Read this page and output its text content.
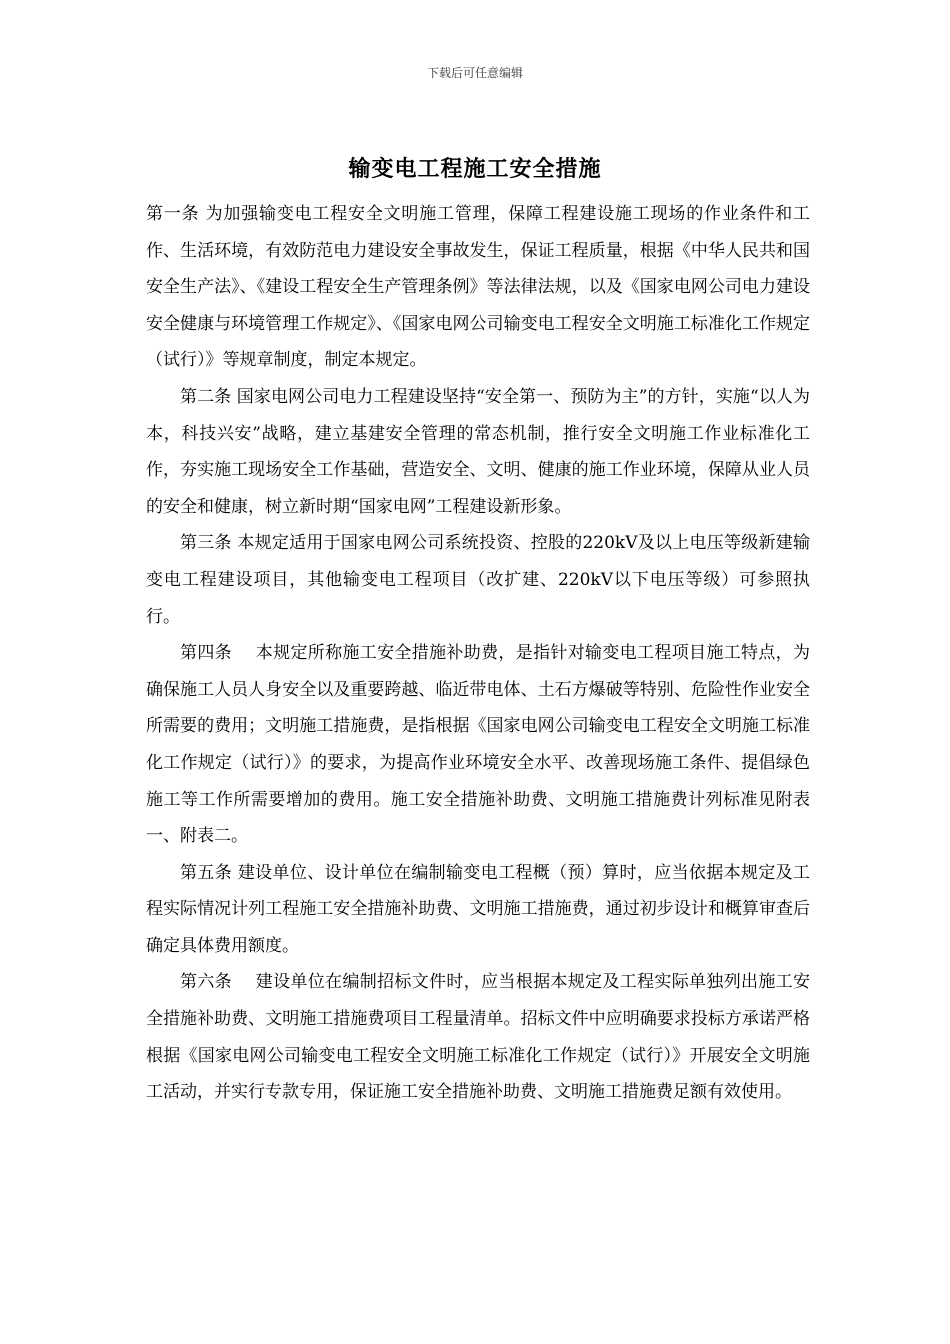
下载后可任意编辑
输变电工程施工安全措施

第一条 为加强输变电工程安全文明施工管理，保障工程建设施工现场的作业条件和工作、生活环境，有效防范电力建设安全事故发生，保证工程质量，根据《中华人民共和国安全生产法》、《建设工程安全生产管理条例》等法律法规，以及《国家电网公司电力建设安全健康与环境管理工作规定》、《国家电网公司输变电工程安全文明施工标准化工作规定（试行）》等规章制度，制定本规定。

第二条 国家电网公司电力工程建设坚持“安全第一、预防为主”的方针，实施“以人为本，科技兴安”战略，建立基建安全管理的常态机制，推行安全文明施工作业标准化工作，夯实施工现场安全工作基础，营造安全、文明、健康的施工作业环境，保障从业人员的安全和健康，树立新时期“国家电网”工程建设新形象。

第三条 本规定适用于国家电网公司系统投资、控股的220kV及以上电压等级新建输变电工程建设项目，其他输变电工程项目（改扩建、220kV以下电压等级）可参照执行。

第四条 本规定所称施工安全措施补助费，是指针对输变电工程项目施工特点，为确保施工人员人身安全以及重要跨越、临近带电体、土石方爆破等特别、危险性作业安全所需要的费用；文明施工措施费，是指根据《国家电网公司输变电工程安全文明施工标准化工作规定（试行）》的要求，为提高作业环境安全水平、改善现场施工条件、提倡绿色施工等工作所需要增加的费用。施工安全措施补助费、文明施工措施费计列标准见附表一、附表二。

第五条 建设单位、设计单位在编制输变电工程概（预）算时，应当依据本规定及工程实际情况计列工程施工安全措施补助费、文明施工措施费，通过初步设计和概算审查后确定具体费用额度。

第六条 建设单位在编制招标文件时，应当根据本规定及工程实际单独列出施工安全措施补助费、文明施工措施费项目工程量清单。招标文件中应明确要求投标方承诺严格根据《国家电网公司输变电工程安全文明施工标准化工作规定（试行）》开展安全文明施工活动，并实行专款专用，保证施工安全措施补助费、文明施工措施费足额有效使用。
